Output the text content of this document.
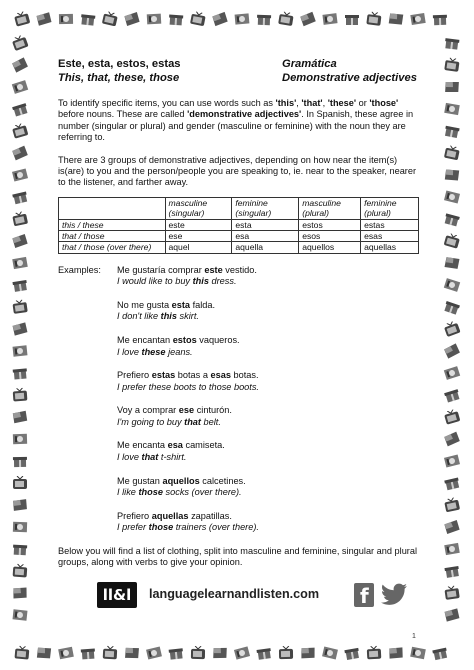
Este, esta, estos, estas
This, that, these, those
Gramática
Demonstrative adjectives

To identify specific items, you can use words such as 'this', 'that', 'these' or 'those' before nouns. These are called 'demonstrative adjectives'. In Spanish, these agree in number (singular or plural) and gender (masculine or feminine) with the noun they are referring to.

There are 3 groups of demonstrative adjectives, depending on how near the item(s) is(are) to you and the person/people you are speaking to, ie. near to the speaker, nearer to the listener, and farther away.

	masculine (singular)	feminine (singular)	masculine (plural)	feminine (plural)
this / these	este	esta	estos	estas
that / those	ese	esa	esos	esas
that / those (over there)	aquel	aquella	aquellos	aquellas
Examples: Me gustaría comprar este vestido.
I would like to buy this dress.
No me gusta esta falda.
I don't like this skirt.
Me encantan estos vaqueros.
I love these jeans.
Prefiero estas botas a esas botas.
I prefer these boots to those boots.
Voy a comprar ese cinturón.
I'm going to buy that belt.
Me encanta esa camiseta.
I love that t-shirt.
Me gustan aquellos calcetines.
I like those socks (over there).
Prefiero aquellas zapatillas.
I prefer those trainers (over there).

Below you will find a list of clothing, split into masculine and feminine, singular and plural groups, along with verbs to give your opinion.

ll&l	languagelearnandlisten.com f
1
